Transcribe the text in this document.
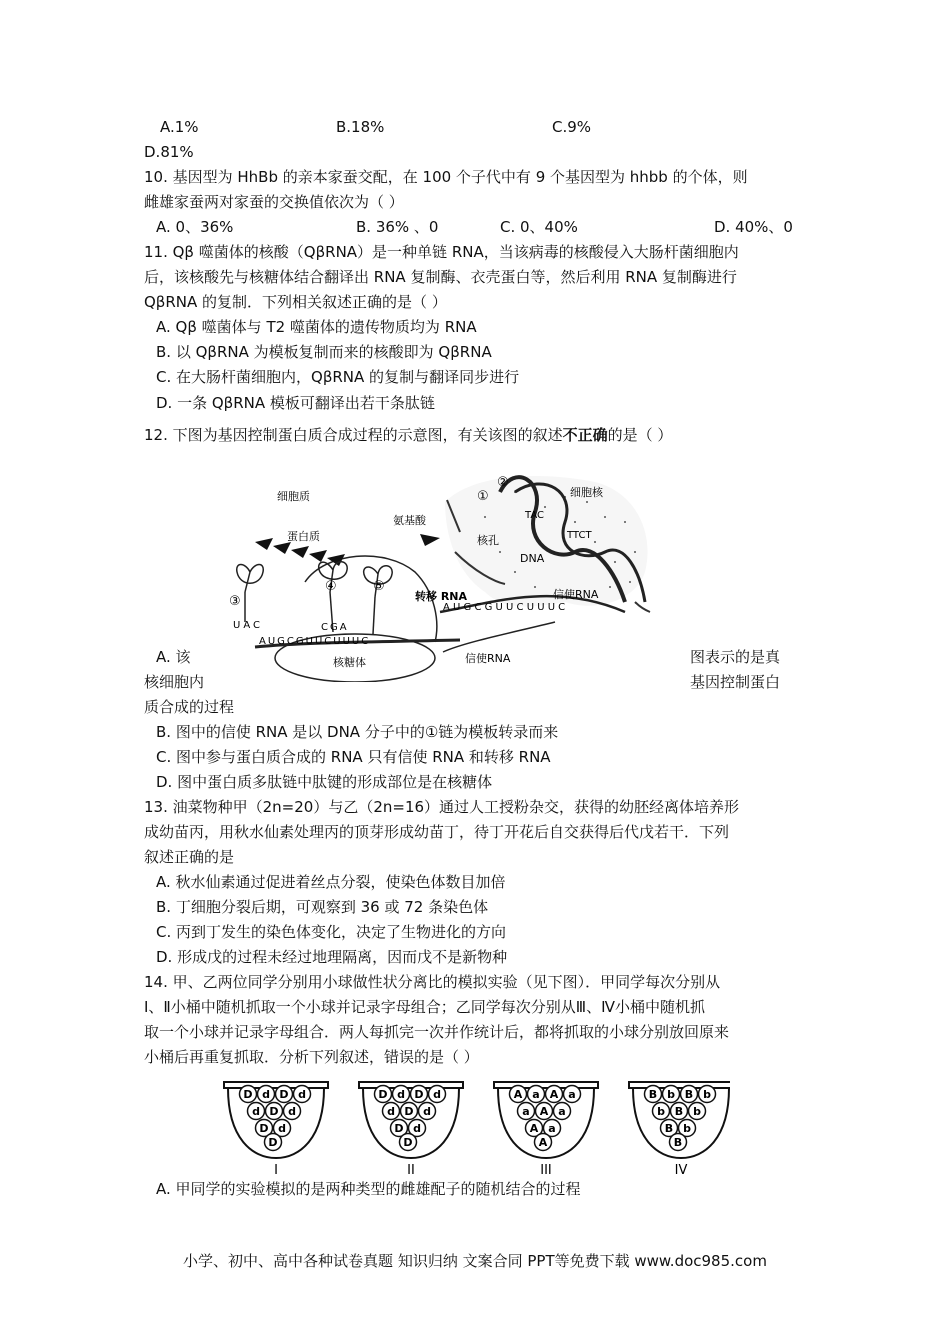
A.1%	B.18%	C.9%
D.81%
10. 基因型为 HhBb 的亲本家蚕交配，在 100 个子代中有 9 个基因型为 hhbb 的个体，则
雌雄家蚕两对家蚕的交换值依次为（ ）
A. 0、36%	B. 36% 、0	C. 0、40%	D. 40%、0
11. Qβ 噬菌体的核酸（QβRNA）是一种单链 RNA，当该病毒的核酸侵入大肠杆菌细胞内
后，该核酸先与核糖体结合翻译出 RNA 复制酶、衣壳蛋白等，然后利用 RNA 复制酶进行
QβRNA 的复制．下列相关叙述正确的是（ ）
A. Qβ 噬菌体与 T2 噬菌体的遗传物质均为 RNA
B. 以 QβRNA 为模板复制而来的核酸即为 QβRNA
C. 在大肠杆菌细胞内，QβRNA 的复制与翻译同步进行
D. 一条 QβRNA 模板可翻译出若干条肽链
12. 下图为基因控制蛋白质合成过程的示意图，有关该图的叙述不正确的是（ ）
细胞质
蛋白质
氨基酸
细胞核
核孔
DNA
信使RNA
转移 RNA
核糖体	信使RNA
①
②
③
④	⑤
AUGCGUUCUUUC
UAC	CGA
A U G C G U U C U U U C
TAC
TTCT
A. 该	图表示的是真
核细胞内	基因控制蛋白
质合成的过程
B. 图中的信使 RNA 是以 DNA 分子中的①链为模板转录而来
C. 图中参与蛋白质合成的 RNA 只有信使 RNA 和转移 RNA
D. 图中蛋白质多肽链中肽键的形成部位是在核糖体
13. 油菜物种甲（2n=20）与乙（2n=16）通过人工授粉杂交，获得的幼胚经离体培养形
成幼苗丙，用秋水仙素处理丙的顶芽形成幼苗丁，待丁开花后自交获得后代戊若干．下列
叙述正确的是
A. 秋水仙素通过促进着丝点分裂，使染色体数目加倍
B. 丁细胞分裂后期，可观察到 36 或 72 条染色体
C. 丙到丁发生的染色体变化，决定了生物进化的方向
D. 形成戊的过程未经过地理隔离，因而戊不是新物种
14. 甲、乙两位同学分别用小球做性状分离比的模拟实验（见下图）．甲同学每次分别从
Ⅰ、Ⅱ小桶中随机抓取一个小球并记录字母组合；乙同学每次分别从Ⅲ、Ⅳ小桶中随机抓
取一个小球并记录字母组合．两人每抓完一次并作统计后，都将抓取的小球分别放回原来
小桶后再重复抓取．分析下列叙述，错误的是（ ）
D d D d
d D d
D d
D
I
D d D d
d D d
D d
D
II
A a A a
a A a
A a
A
III
B b B b
b B b
B b
B
IV
A. 甲同学的实验模拟的是两种类型的雌雄配子的随机结合的过程
小学、初中、高中各种试卷真题 知识归纳 文案合同 PPT等免费下载 www.doc985.com
